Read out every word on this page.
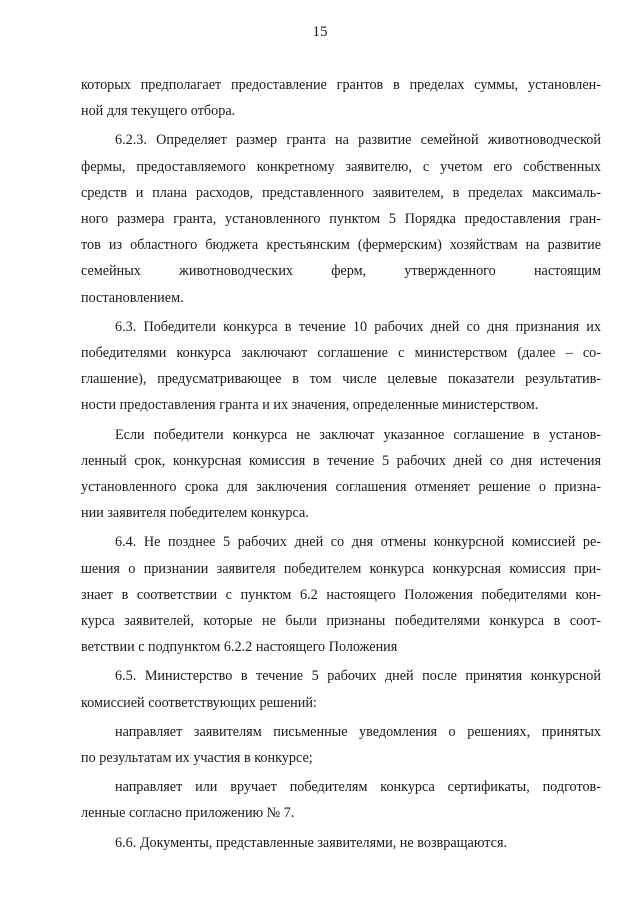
15
которых предполагает предоставление грантов в пределах суммы, установлен-
ной для текущего отбора.
6.2.3. Определяет размер гранта на развитие семейной животноводческой
фермы, предоставляемого конкретному заявителю, с учетом его собственных
средств и плана расходов, представленного заявителем, в пределах максималь-
ного размера гранта, установленного пунктом 5 Порядка предоставления гран-
тов из областного бюджета крестьянским (фермерским) хозяйствам на развитие
семейных животноводческих ферм, утвержденного настоящим
постановлением.
6.3. Победители конкурса в течение 10 рабочих дней со дня признания их
победителями конкурса заключают соглашение с министерством (далее – со-
глашение), предусматривающее в том числе целевые показатели результатив-
ности предоставления гранта и их значения, определенные министерством.
Если победители конкурса не заключат указанное соглашение в установ-
ленный срок, конкурсная комиссия в течение 5 рабочих дней со дня истечения
установленного срока для заключения соглашения отменяет решение о призна-
нии заявителя победителем конкурса.
6.4. Не позднее 5 рабочих дней со дня отмены конкурсной комиссией ре-
шения о признании заявителя победителем конкурса конкурсная комиссия при-
знает в соответствии с пунктом 6.2 настоящего Положения победителями кон-
курса заявителей, которые не были признаны победителями конкурса в соот-
ветствии с подпунктом 6.2.2 настоящего Положения
6.5. Министерство в течение 5 рабочих дней после принятия конкурсной
комиссией соответствующих решений:
направляет заявителям письменные уведомления о решениях, принятых
по результатам их участия в конкурсе;
направляет или вручает победителям конкурса сертификаты, подготов-
ленные согласно приложению № 7.
6.6. Документы, представленные заявителями, не возвращаются.
